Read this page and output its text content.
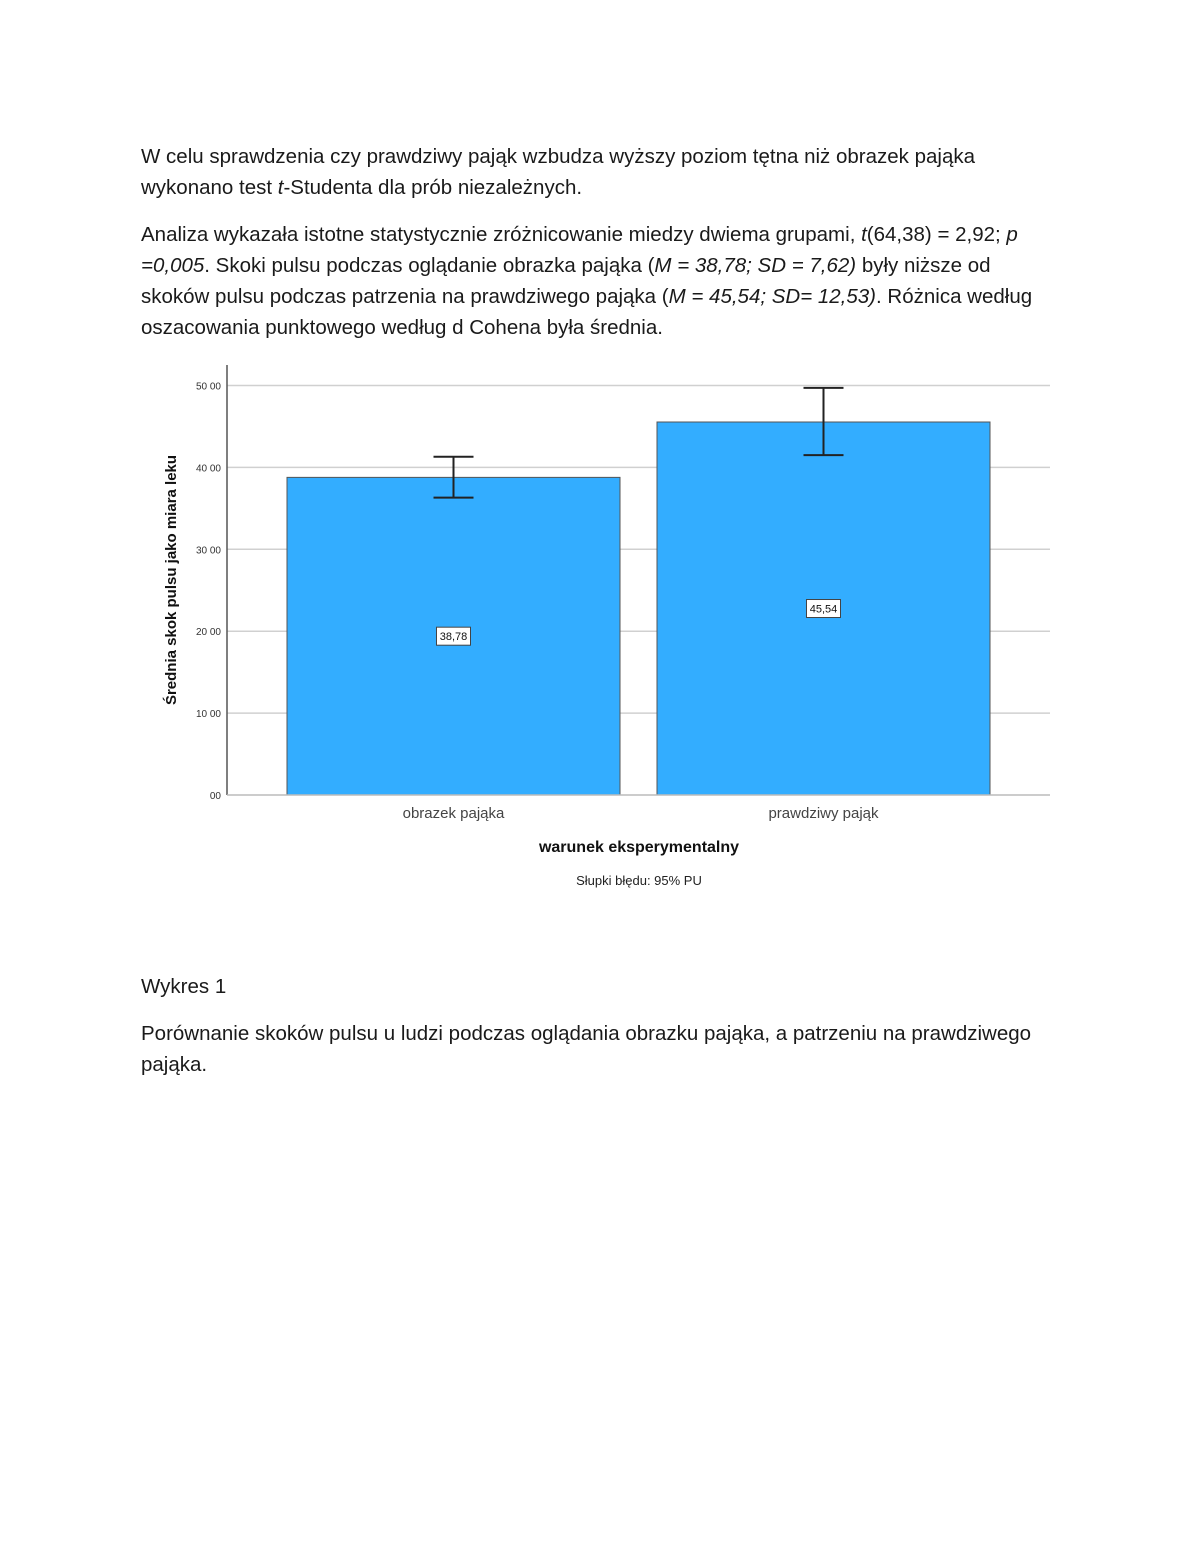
W celu sprawdzenia czy prawdziwy pająk wzbudza wyższy poziom tętna niż obrazek pająka wykonano test t-Studenta dla prób niezależnych.

Analiza wykazała istotne statystycznie zróżnicowanie miedzy dwiema grupami, t(64,38) = 2,92; p =0,005. Skoki pulsu podczas oglądanie obrazka pająka (M = 38,78; SD = 7,62) były niższe od skoków pulsu podczas patrzenia na prawdziwego pająka (M = 45,54; SD= 12,53). Różnica według oszacowania punktowego według d Cohena była średnia.

00
10 00
20 00
30 00
40 00
50 00
38,78
obrazek pająka
45,54
prawdziwy pająk
Średnia skok pulsu jako miara leku
warunek eksperymentalny
Słupki błędu: 95% PU

Wykres 1

Porównanie skoków pulsu u ludzi podczas oglądania obrazku pająka, a patrzeniu na prawdziwego pająka.
